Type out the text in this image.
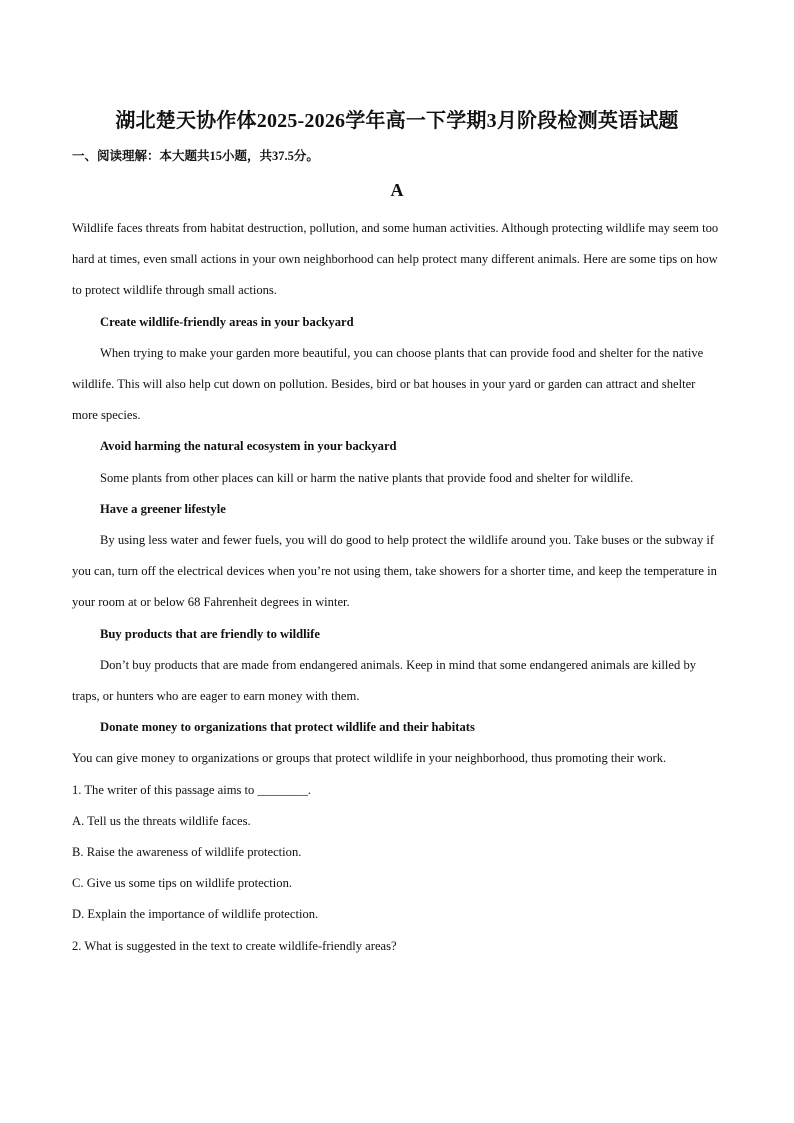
湖北楚天协作体2025-2026学年高一下学期3月阶段检测英语试题
一、阅读理解：本大题共15小题，共37.5分。
A

Wildlife faces threats from habitat destruction, pollution, and some human activities. Although protecting wildlife may seem too hard at times, even small actions in your own neighborhood can help protect many different animals. Here are some tips on how to protect wildlife through small actions.

Create wildlife-friendly areas in your backyard

When trying to make your garden more beautiful, you can choose plants that can provide food and shelter for the native wildlife. This will also help cut down on pollution. Besides, bird or bat houses in your yard or garden can attract and shelter more species.

Avoid harming the natural ecosystem in your backyard

Some plants from other places can kill or harm the native plants that provide food and shelter for wildlife.

Have a greener lifestyle

By using less water and fewer fuels, you will do good to help protect the wildlife around you. Take buses or the subway if you can, turn off the electrical devices when you’re not using them, take showers for a shorter time, and keep the temperature in your room at or below 68 Fahrenheit degrees in winter.

Buy products that are friendly to wildlife

Don’t buy products that are made from endangered animals. Keep in mind that some endangered animals are killed by traps, or hunters who are eager to earn money with them.

Donate money to organizations that protect wildlife and their habitats

You can give money to organizations or groups that protect wildlife in your neighborhood, thus promoting their work.

1. The writer of this passage aims to ________.

A. Tell us the threats wildlife faces.

B. Raise the awareness of wildlife protection.

C. Give us some tips on wildlife protection.

D. Explain the importance of wildlife protection.

2. What is suggested in the text to create wildlife-friendly areas?
